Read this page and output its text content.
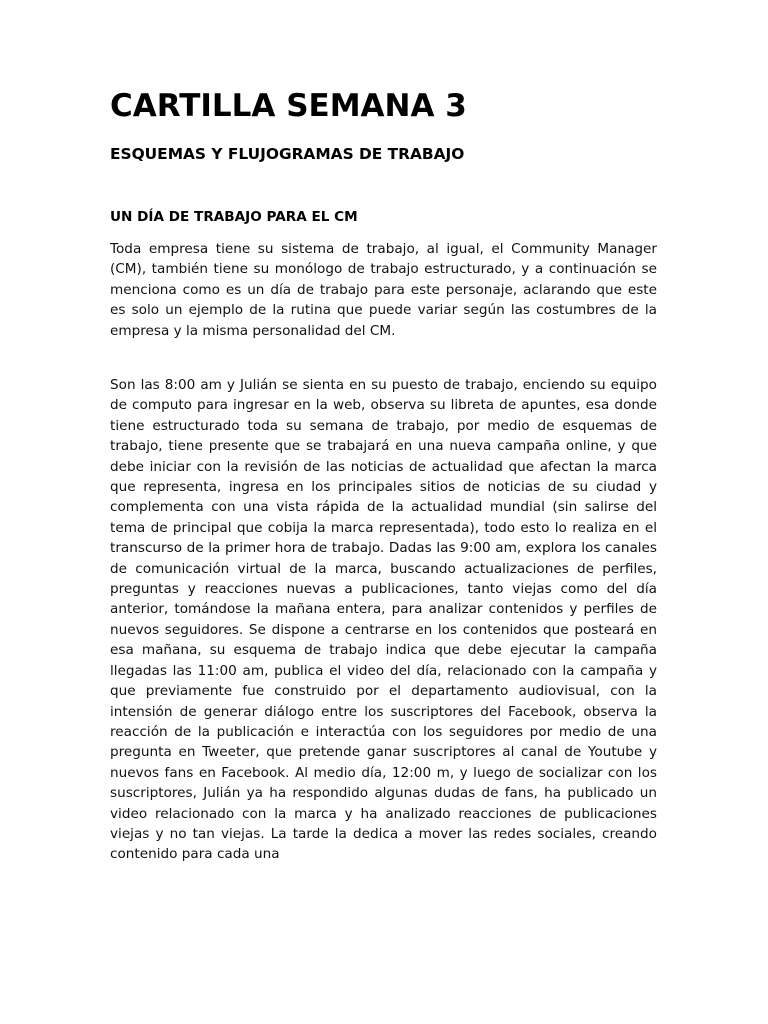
CARTILLA SEMANA 3
ESQUEMAS Y FLUJOGRAMAS DE TRABAJO
UN DÍA DE TRABAJO PARA EL CM

Toda empresa tiene su sistema de trabajo, al igual, el Community Manager (CM), también tiene su monólogo de trabajo estructurado, y a continuación se menciona como es un día de trabajo para este personaje, aclarando que este es solo un ejemplo de la rutina que puede variar según las costumbres de la empresa y la misma personalidad del CM.

Son las 8:00 am y Julián se sienta en su puesto de trabajo, enciendo su equipo de computo para ingresar en la web, observa su libreta de apuntes, esa donde tiene estructurado toda su semana de trabajo, por medio de esquemas de trabajo, tiene presente que se trabajará en una nueva campaña online, y que debe iniciar con la revisión de las noticias de actualidad que afectan la marca que representa, ingresa en los principales sitios de noticias de su ciudad y complementa con una vista rápida de la actualidad mundial (sin salirse del tema de principal que cobija la marca representada), todo esto lo realiza en el transcurso de la primer hora de trabajo. Dadas las 9:00 am, explora los canales de comunicación virtual de la marca, buscando actualizaciones de perfiles, preguntas y reacciones nuevas a publicaciones, tanto viejas como del día anterior, tomándose la mañana entera, para analizar contenidos y perfiles de nuevos seguidores. Se dispone a centrarse en los contenidos que posteará en esa mañana, su esquema de trabajo indica que debe ejecutar la campaña llegadas las 11:00 am, publica el video del día, relacionado con la campaña y que previamente fue construido por el departamento audiovisual, con la intensión de generar diálogo entre los suscriptores del Facebook, observa la reacción de la publicación e interactúa con los seguidores por medio de una pregunta en Tweeter, que pretende ganar suscriptores al canal de Youtube y nuevos fans en Facebook. Al medio día, 12:00 m, y luego de socializar con los suscriptores, Julián ya ha respondido algunas dudas de fans, ha publicado un video relacionado con la marca y ha analizado reacciones de publicaciones viejas y no tan viejas. La tarde la dedica a mover las redes sociales, creando contenido para cada una
